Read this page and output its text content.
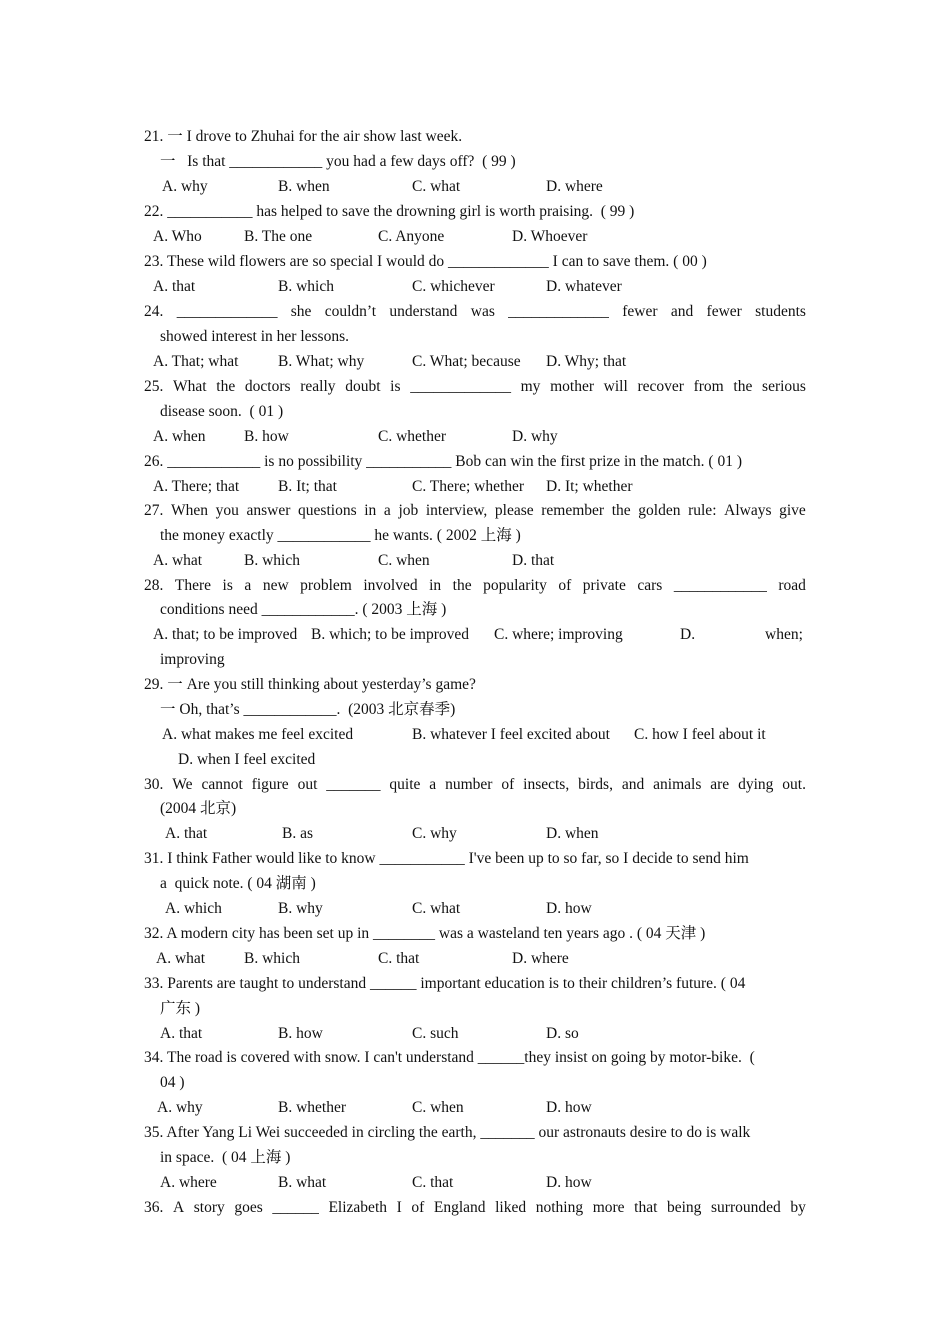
21. 一 I drove to Zhuhai for the air show last week.
一   Is that ____________ you had a few days off?  ( 99 )
A. why	B. when	C. what	D. where
22. ___________ has helped to save the drowning girl is worth praising.  ( 99 )
A. Who	B. The one	C. Anyone	D. Whoever
23. These wild flowers are so special I would do _____________ I can to save them. ( 00 )
A. that	B. which	C. whichever	D. whatever
24. _____________ she couldn’t understand was _____________ fewer and fewer students
showed interest in her lessons.
A. That; what	B. What; why	C. What; because D. Why; that
25. What the doctors really doubt is _____________ my mother will recover from the serious
disease soon.  ( 01 )
A. when B. how	C. whether	D. why
26. ____________ is no possibility ___________ Bob can win the first prize in the match. ( 01 )
A. There; that	B. It; that	C. There; whether D. It; whether
27. When you answer questions in a job interview, please remember the golden rule: Always give
the money exactly ____________ he wants. ( 2002 上海 )
A. what	B. which	C. when	D. that
28. There is a new problem involved in the popularity of private cars ____________ road
conditions need ____________. ( 2003 上海 )
A. that; to be improved B. which; to be improved C. where; improving	D.	when;
improving
29. 一 Are you still thinking about yesterday’s game?
一 Oh, that’s ____________.  (2003 北京春季)
A. what makes me feel excited	B. whatever I feel excited about C. how I feel about it
D. when I feel excited
30. We cannot figure out _______ quite a number of insects, birds, and animals are dying out.
(2004 北京)
A. that	B. as	C. why	D. when
31. I think Father would like to know ___________ I've been up to so far, so I decide to send him
a  quick note. ( 04 湖南 )
A. which	B. why	C. what	D. how
32. A modern city has been set up in ________ was a wasteland ten years ago . ( 04 天津 )
A. what	B. which	C. that	D. where
33. Parents are taught to understand ______ important education is to their children’s future. ( 04
广东 )
A. that	B. how	C. such	D. so
34. The road is covered with snow. I can't understand ______they insist on going by motor-bike.  (
04 )
A. why	B. whether	C. when	D. how
35. After Yang Li Wei succeeded in circling the earth, _______ our astronauts desire to do is walk
in space.  ( 04 上海 )
A. where	B. what	C. that	D. how
36. A story goes ______ Elizabeth I of England liked nothing more that being surrounded by
